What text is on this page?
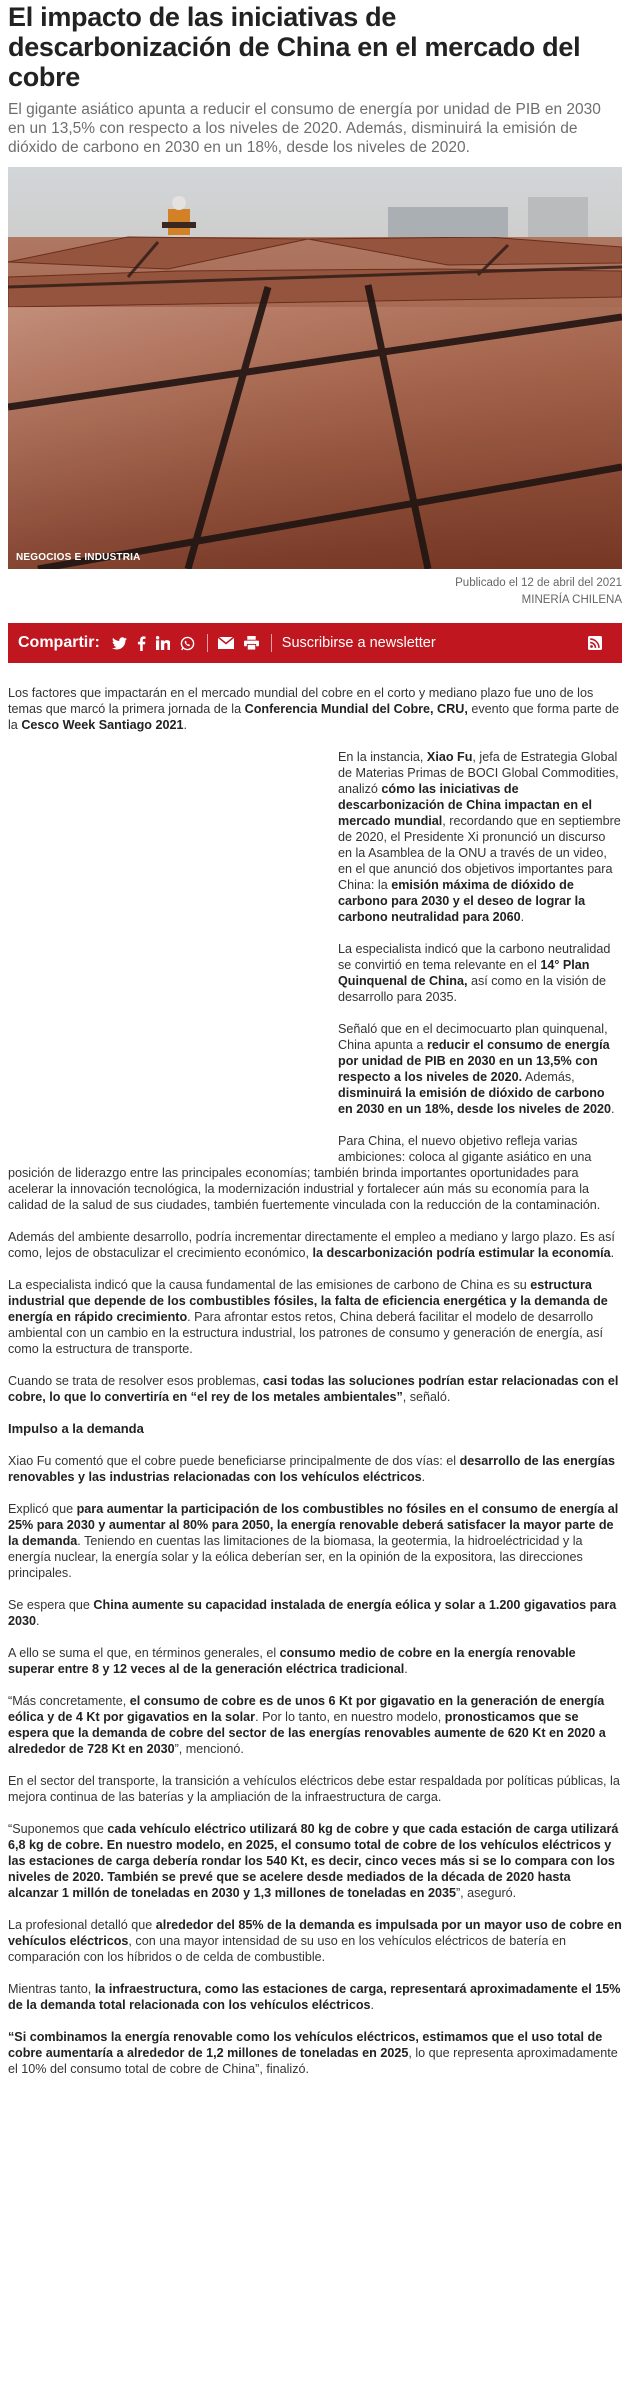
El impacto de las iniciativas de descarbonización de China en el mercado del cobre
El gigante asiático apunta a reducir el consumo de energía por unidad de PIB en 2030 en un 13,5% con respecto a los niveles de 2020. Además, disminuirá la emisión de dióxido de carbono en 2030 en un 18%, desde los niveles de 2020.
NEGOCIOS E INDUSTRIA
Publicado el 12 de abril del 2021
MINERÍA CHILENA
Compartir:	Suscribirse a newsletter

Los factores que impactarán en el mercado mundial del cobre en el corto y mediano plazo fue uno de los temas que marcó la primera jornada de la Conferencia Mundial del Cobre, CRU, evento que forma parte de la Cesco Week Santiago 2021.

En la instancia, Xiao Fu, jefa de Estrategia Global de Materias Primas de BOCI Global Commodities, analizó cómo las iniciativas de descarbonización de China impactan en el mercado mundial, recordando que en septiembre de 2020, el Presidente Xi pronunció un discurso en la Asamblea de la ONU a través de un video, en el que anunció dos objetivos importantes para China: la emisión máxima de dióxido de carbono para 2030 y el deseo de lograr la carbono neutralidad para 2060.

La especialista indicó que la carbono neutralidad se convirtió en tema relevante en el 14° Plan Quinquenal de China, así como en la visión de desarrollo para 2035.

Señaló que en el decimocuarto plan quinquenal, China apunta a reducir el consumo de energía por unidad de PIB en 2030 en un 13,5% con respecto a los niveles de 2020. Además, disminuirá la emisión de dióxido de carbono en 2030 en un 18%, desde los niveles de 2020.

Para China, el nuevo objetivo refleja varias ambiciones: coloca al gigante asiático en una

posición de liderazgo entre las principales economías; también brinda importantes oportunidades para acelerar la innovación tecnológica, la modernización industrial y fortalecer aún más su economía para la calidad de la salud de sus ciudades, también fuertemente vinculada con la reducción de la contaminación.

Además del ambiente desarrollo, podría incrementar directamente el empleo a mediano y largo plazo. Es así como, lejos de obstaculizar el crecimiento económico, la descarbonización podría estimular la economía.

La especialista indicó que la causa fundamental de las emisiones de carbono de China es su estructura industrial que depende de los combustibles fósiles, la falta de eficiencia energética y la demanda de energía en rápido crecimiento. Para afrontar estos retos, China deberá facilitar el modelo de desarrollo ambiental con un cambio en la estructura industrial, los patrones de consumo y generación de energía, así como la estructura de transporte.

Cuando se trata de resolver esos problemas, casi todas las soluciones podrían estar relacionadas con el cobre, lo que lo convertiría en “el rey de los metales ambientales”, señaló.

Impulso a la demanda

Xiao Fu comentó que el cobre puede beneficiarse principalmente de dos vías: el desarrollo de las energías renovables y las industrias relacionadas con los vehículos eléctricos.

Explicó que para aumentar la participación de los combustibles no fósiles en el consumo de energía al 25% para 2030 y aumentar al 80% para 2050, la energía renovable deberá satisfacer la mayor parte de la demanda. Teniendo en cuentas las limitaciones de la biomasa, la geotermia, la hidroeléctricidad y la energía nuclear, la energía solar y la eólica deberían ser, en la opinión de la expositora, las direcciones principales.

Se espera que China aumente su capacidad instalada de energía eólica y solar a 1.200 gigavatios para 2030.

A ello se suma el que, en términos generales, el consumo medio de cobre en la energía renovable superar entre 8 y 12 veces al de la generación eléctrica tradicional.

“Más concretamente, el consumo de cobre es de unos 6 Kt por gigavatio en la generación de energía eólica y de 4 Kt por gigavatios en la solar. Por lo tanto, en nuestro modelo, pronosticamos que se espera que la demanda de cobre del sector de las energías renovables aumente de 620 Kt en 2020 a alrededor de 728 Kt en 2030”, mencionó.

En el sector del transporte, la transición a vehículos eléctricos debe estar respaldada por políticas públicas, la mejora continua de las baterías y la ampliación de la infraestructura de carga.

“Suponemos que cada vehículo eléctrico utilizará 80 kg de cobre y que cada estación de carga utilizará 6,8 kg de cobre. En nuestro modelo, en 2025, el consumo total de cobre de los vehículos eléctricos y las estaciones de carga debería rondar los 540 Kt, es decir, cinco veces más si se lo compara con los niveles de 2020. También se prevé que se acelere desde mediados de la década de 2020 hasta alcanzar 1 millón de toneladas en 2030 y 1,3 millones de toneladas en 2035”, aseguró.

La profesional detalló que alrededor del 85% de la demanda es impulsada por un mayor uso de cobre en vehículos eléctricos, con una mayor intensidad de su uso en los vehículos eléctricos de batería en comparación con los híbridos o de celda de combustible.

Mientras tanto, la infraestructura, como las estaciones de carga, representará aproximadamente el 15% de la demanda total relacionada con los vehículos eléctricos.

“Si combinamos la energía renovable como los vehículos eléctricos, estimamos que el uso total de cobre aumentaría a alrededor de 1,2 millones de toneladas en 2025, lo que representa aproximadamente el 10% del consumo total de cobre de China”, finalizó.
